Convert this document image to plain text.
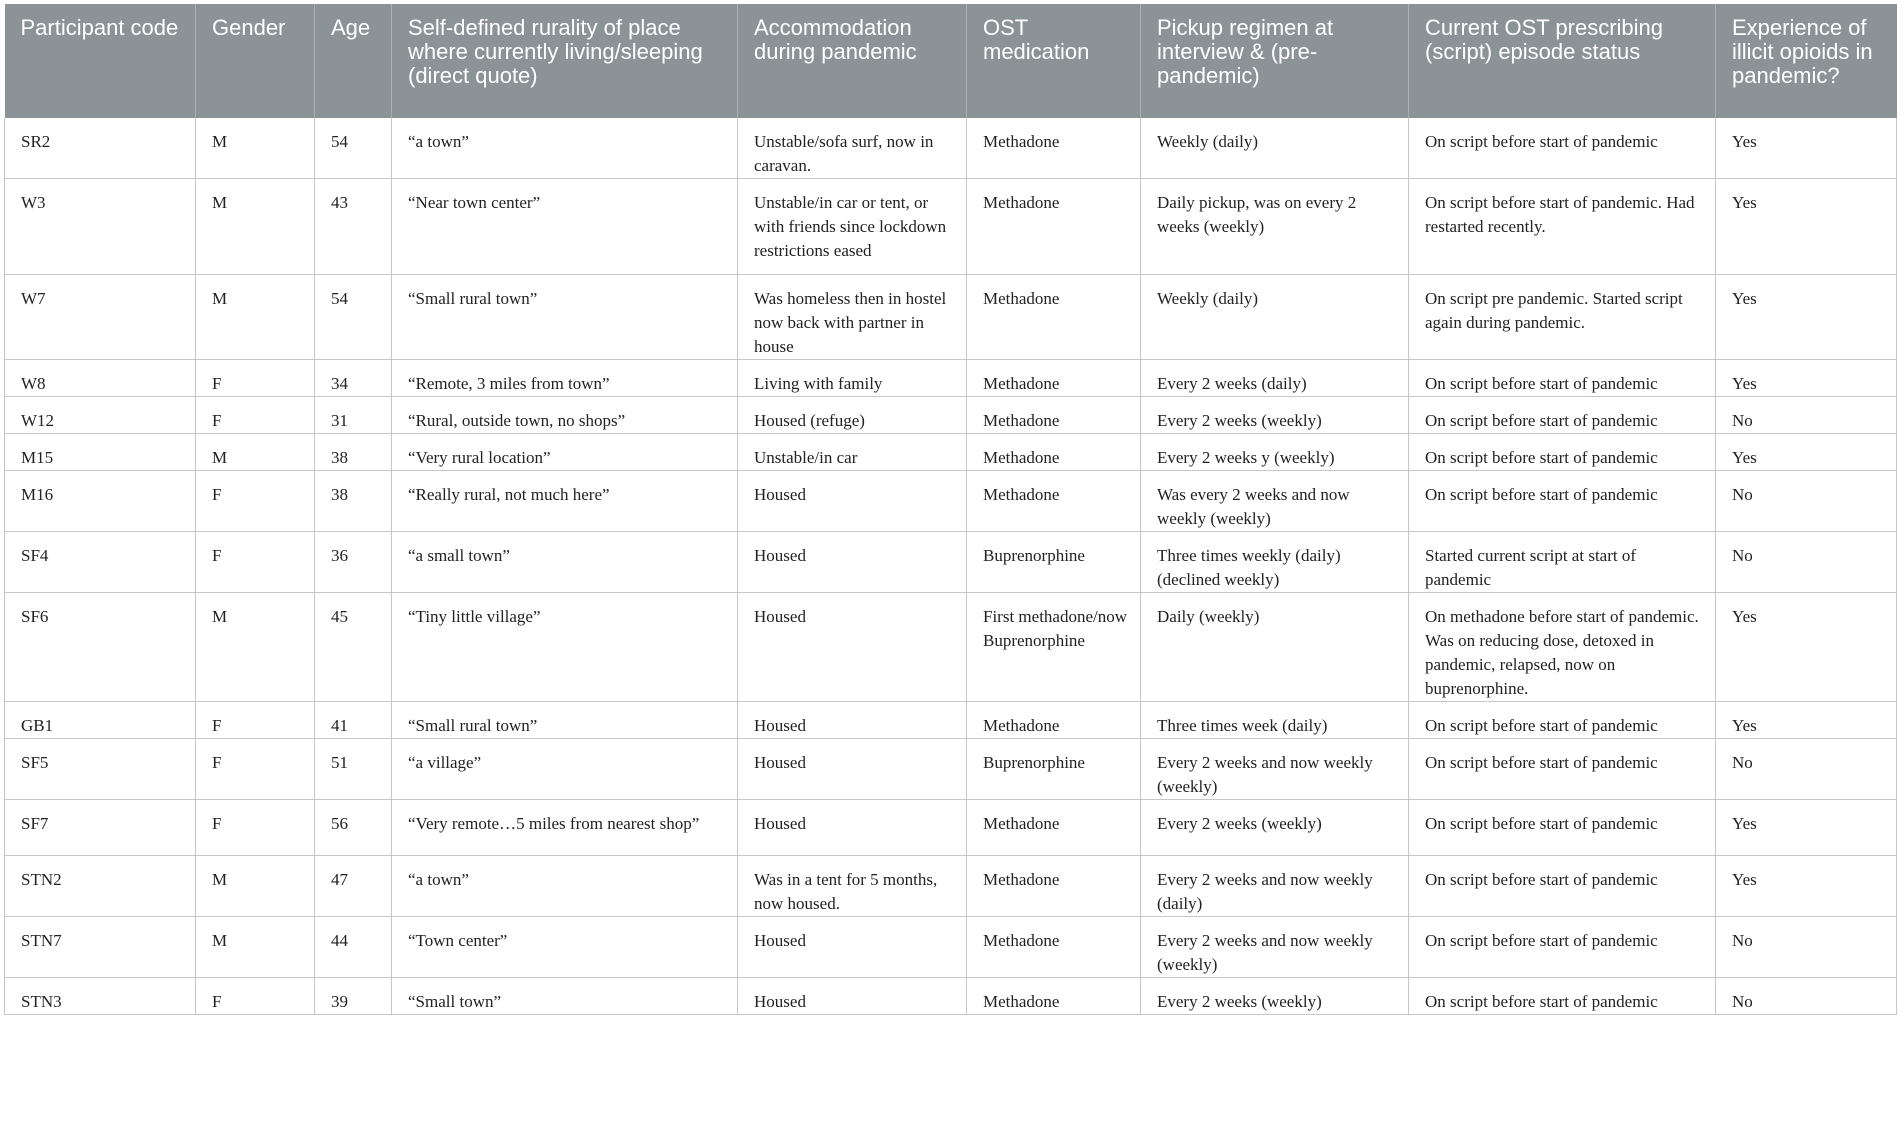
Participant code	Gender	Age	Self-defined rurality of place where currently living/sleeping (direct quote)	Accommodation during pandemic	OST medication	Pickup regimen at interview & (pre-pandemic)	Current OST prescribing (script) episode status	Experience of illicit opioids in pandemic?
SR2	M	54	“a town”	Unstable/sofa surf, now in caravan.	Methadone	Weekly (daily)	On script before start of pandemic	Yes
W3	M	43	“Near town center”	Unstable/in car or tent, or with friends since lockdown restrictions eased	Methadone	Daily pickup, was on every 2 weeks (weekly)	On script before start of pandemic. Had restarted recently.	Yes
W7	M	54	“Small rural town”	Was homeless then in hostel now back with partner in house	Methadone	Weekly (daily)	On script pre pandemic. Started script again during pandemic.	Yes
W8	F	34	“Remote, 3 miles from town”	Living with family	Methadone	Every 2 weeks (daily)	On script before start of pandemic	Yes
W12	F	31	“Rural, outside town, no shops”	Housed (refuge)	Methadone	Every 2 weeks (weekly)	On script before start of pandemic	No
M15	M	38	“Very rural location”	Unstable/in car	Methadone	Every 2 weeks y (weekly)	On script before start of pandemic	Yes
M16	F	38	“Really rural, not much here”	Housed	Methadone	Was every 2 weeks and now weekly (weekly)	On script before start of pandemic	No
SF4	F	36	“a small town”	Housed	Buprenorphine	Three times weekly (daily) (declined weekly)	Started current script at start of pandemic	No
SF6	M	45	“Tiny little village”	Housed	First methadone/now Buprenorphine	Daily (weekly)	On methadone before start of pandemic. Was on reducing dose, detoxed in pandemic, relapsed, now on buprenorphine.	Yes
GB1	F	41	“Small rural town”	Housed	Methadone	Three times week (daily)	On script before start of pandemic	Yes
SF5	F	51	“a village”	Housed	Buprenorphine	Every 2 weeks and now weekly (weekly)	On script before start of pandemic	No
SF7	F	56	“Very remote…5 miles from nearest shop”	Housed	Methadone	Every 2 weeks (weekly)	On script before start of pandemic	Yes
STN2	M	47	“a town”	Was in a tent for 5 months, now housed.	Methadone	Every 2 weeks and now weekly (daily)	On script before start of pandemic	Yes
STN7	M	44	“Town center”	Housed	Methadone	Every 2 weeks and now weekly (weekly)	On script before start of pandemic	No
STN3	F	39	“Small town”	Housed	Methadone	Every 2 weeks (weekly)	On script before start of pandemic	No
